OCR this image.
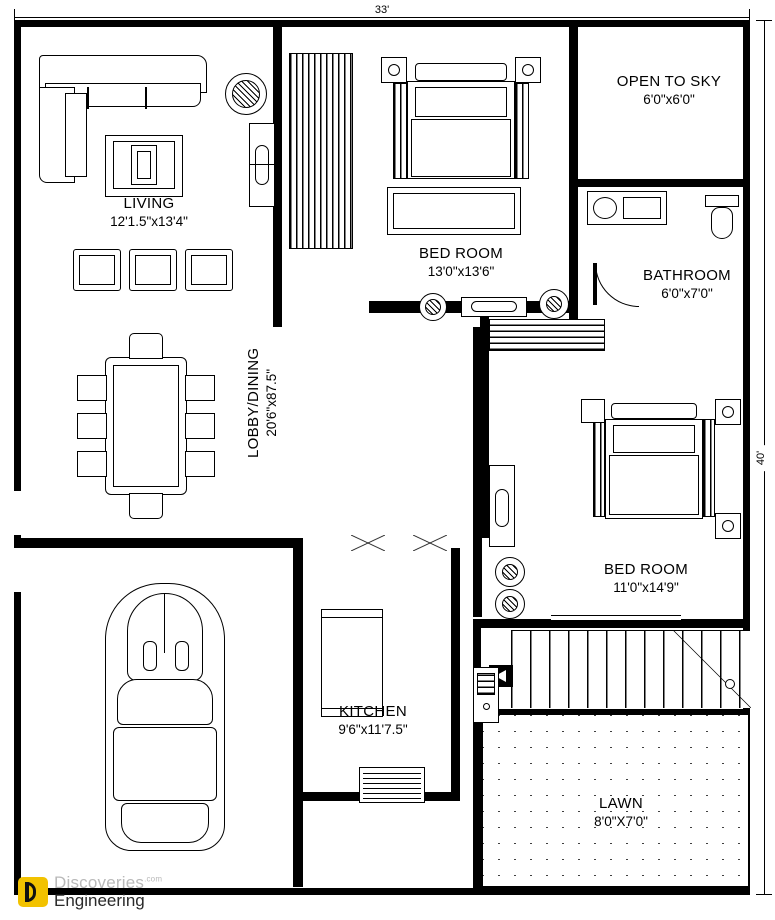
33'
40'
LIVING
12'1.5"x13'4"
LOBBY/DINING 20'6"x87.5"
BED ROOM
13'0"x13'6"
OPEN TO SKY
6'0"x6'0"
BATHROOM
6'0"x7'0"
BED ROOM
11'0"x14'9"
LAWN
8'0"X7'0"
KITCHEN
9'6"x11'7.5"
Discoveries$^{.com}$
Engineering
